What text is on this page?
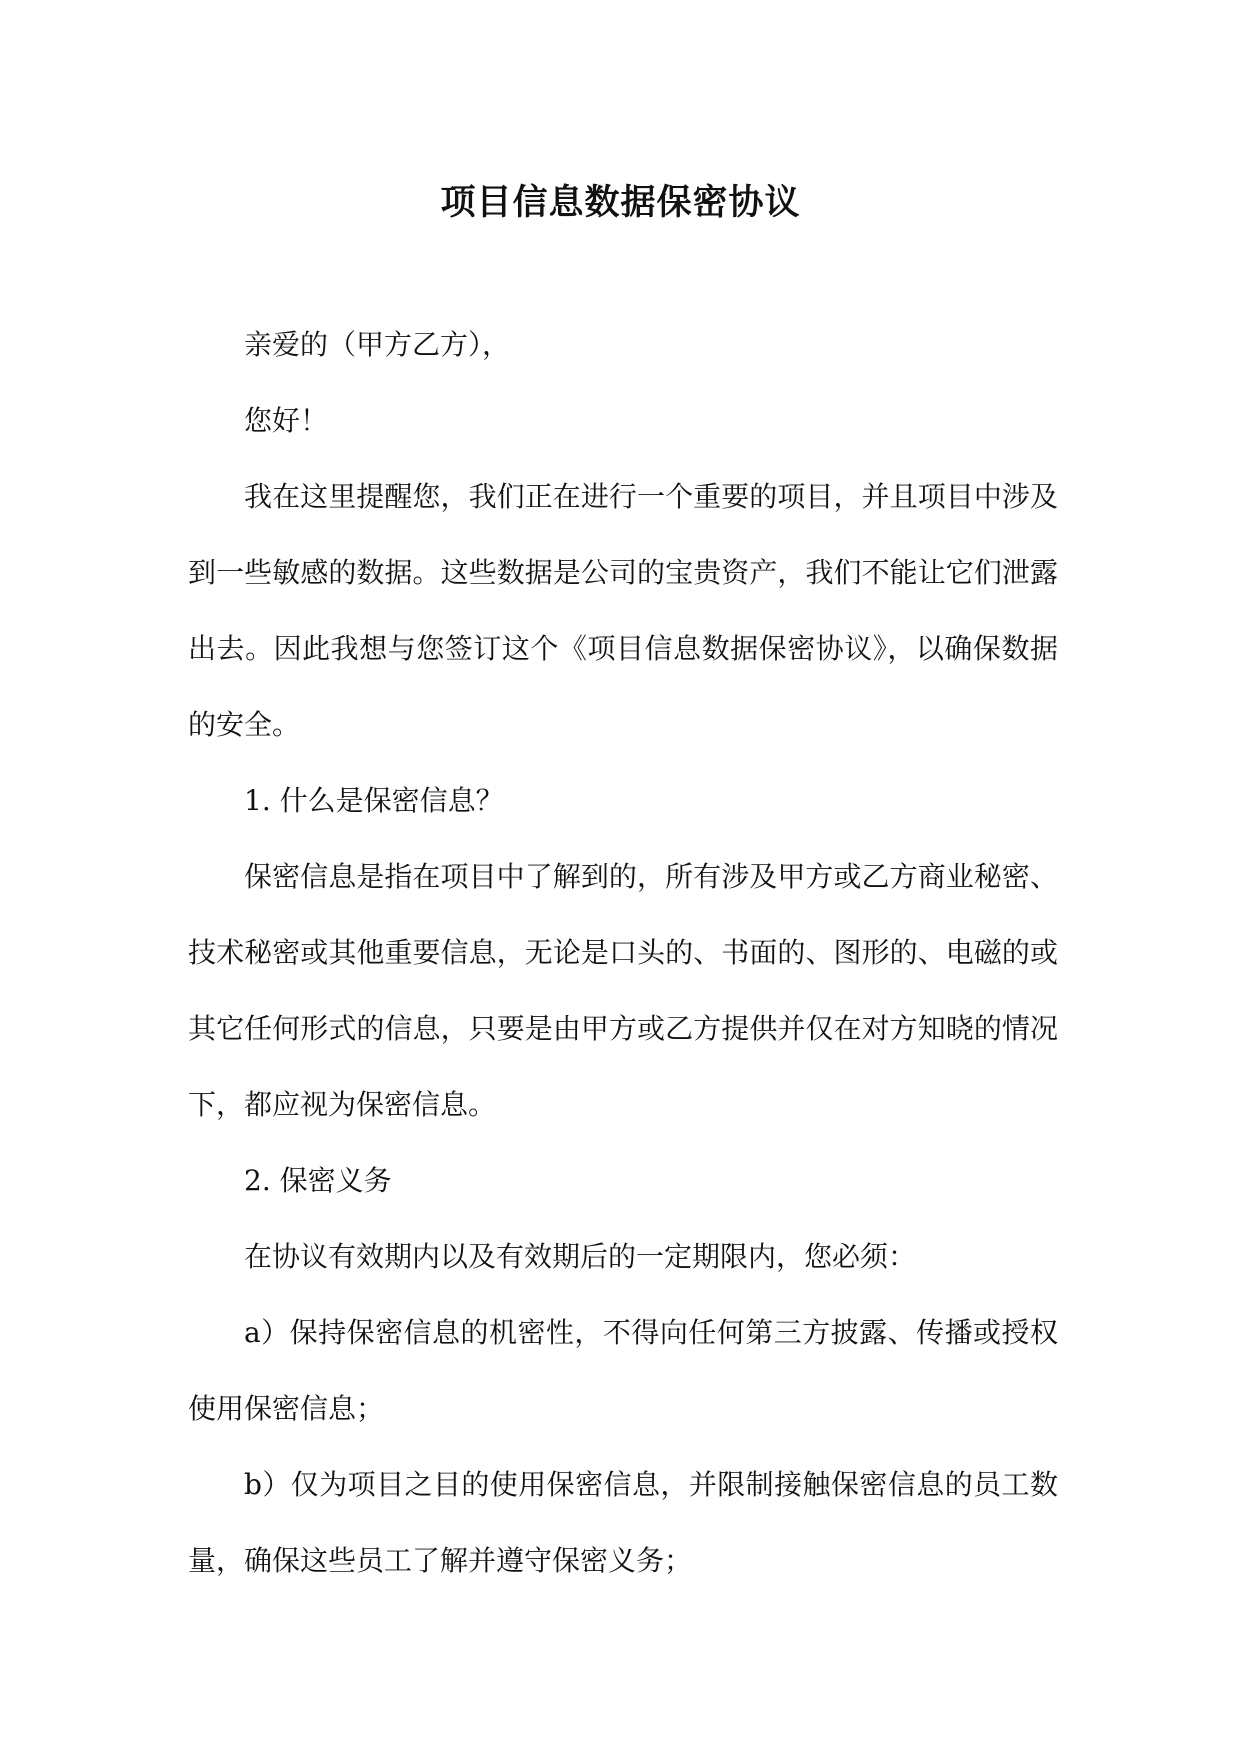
项目信息数据保密协议

亲爱的（甲方乙方），

您好！

我在这里提醒您，我们正在进行一个重要的项目，并且项目中涉及到一些敏感的数据。这些数据是公司的宝贵资产，我们不能让它们泄露出去。因此我想与您签订这个《项目信息数据保密协议》，以确保数据的安全。

1. 什么是保密信息？

保密信息是指在项目中了解到的，所有涉及甲方或乙方商业秘密、技术秘密或其他重要信息，无论是口头的、书面的、图形的、电磁的或其它任何形式的信息，只要是由甲方或乙方提供并仅在对方知晓的情况下，都应视为保密信息。

2. 保密义务

在协议有效期内以及有效期后的一定期限内，您必须：

a）保持保密信息的机密性，不得向任何第三方披露、传播或授权使用保密信息；

b）仅为项目之目的使用保密信息，并限制接触保密信息的员工数量，确保这些员工了解并遵守保密义务；
